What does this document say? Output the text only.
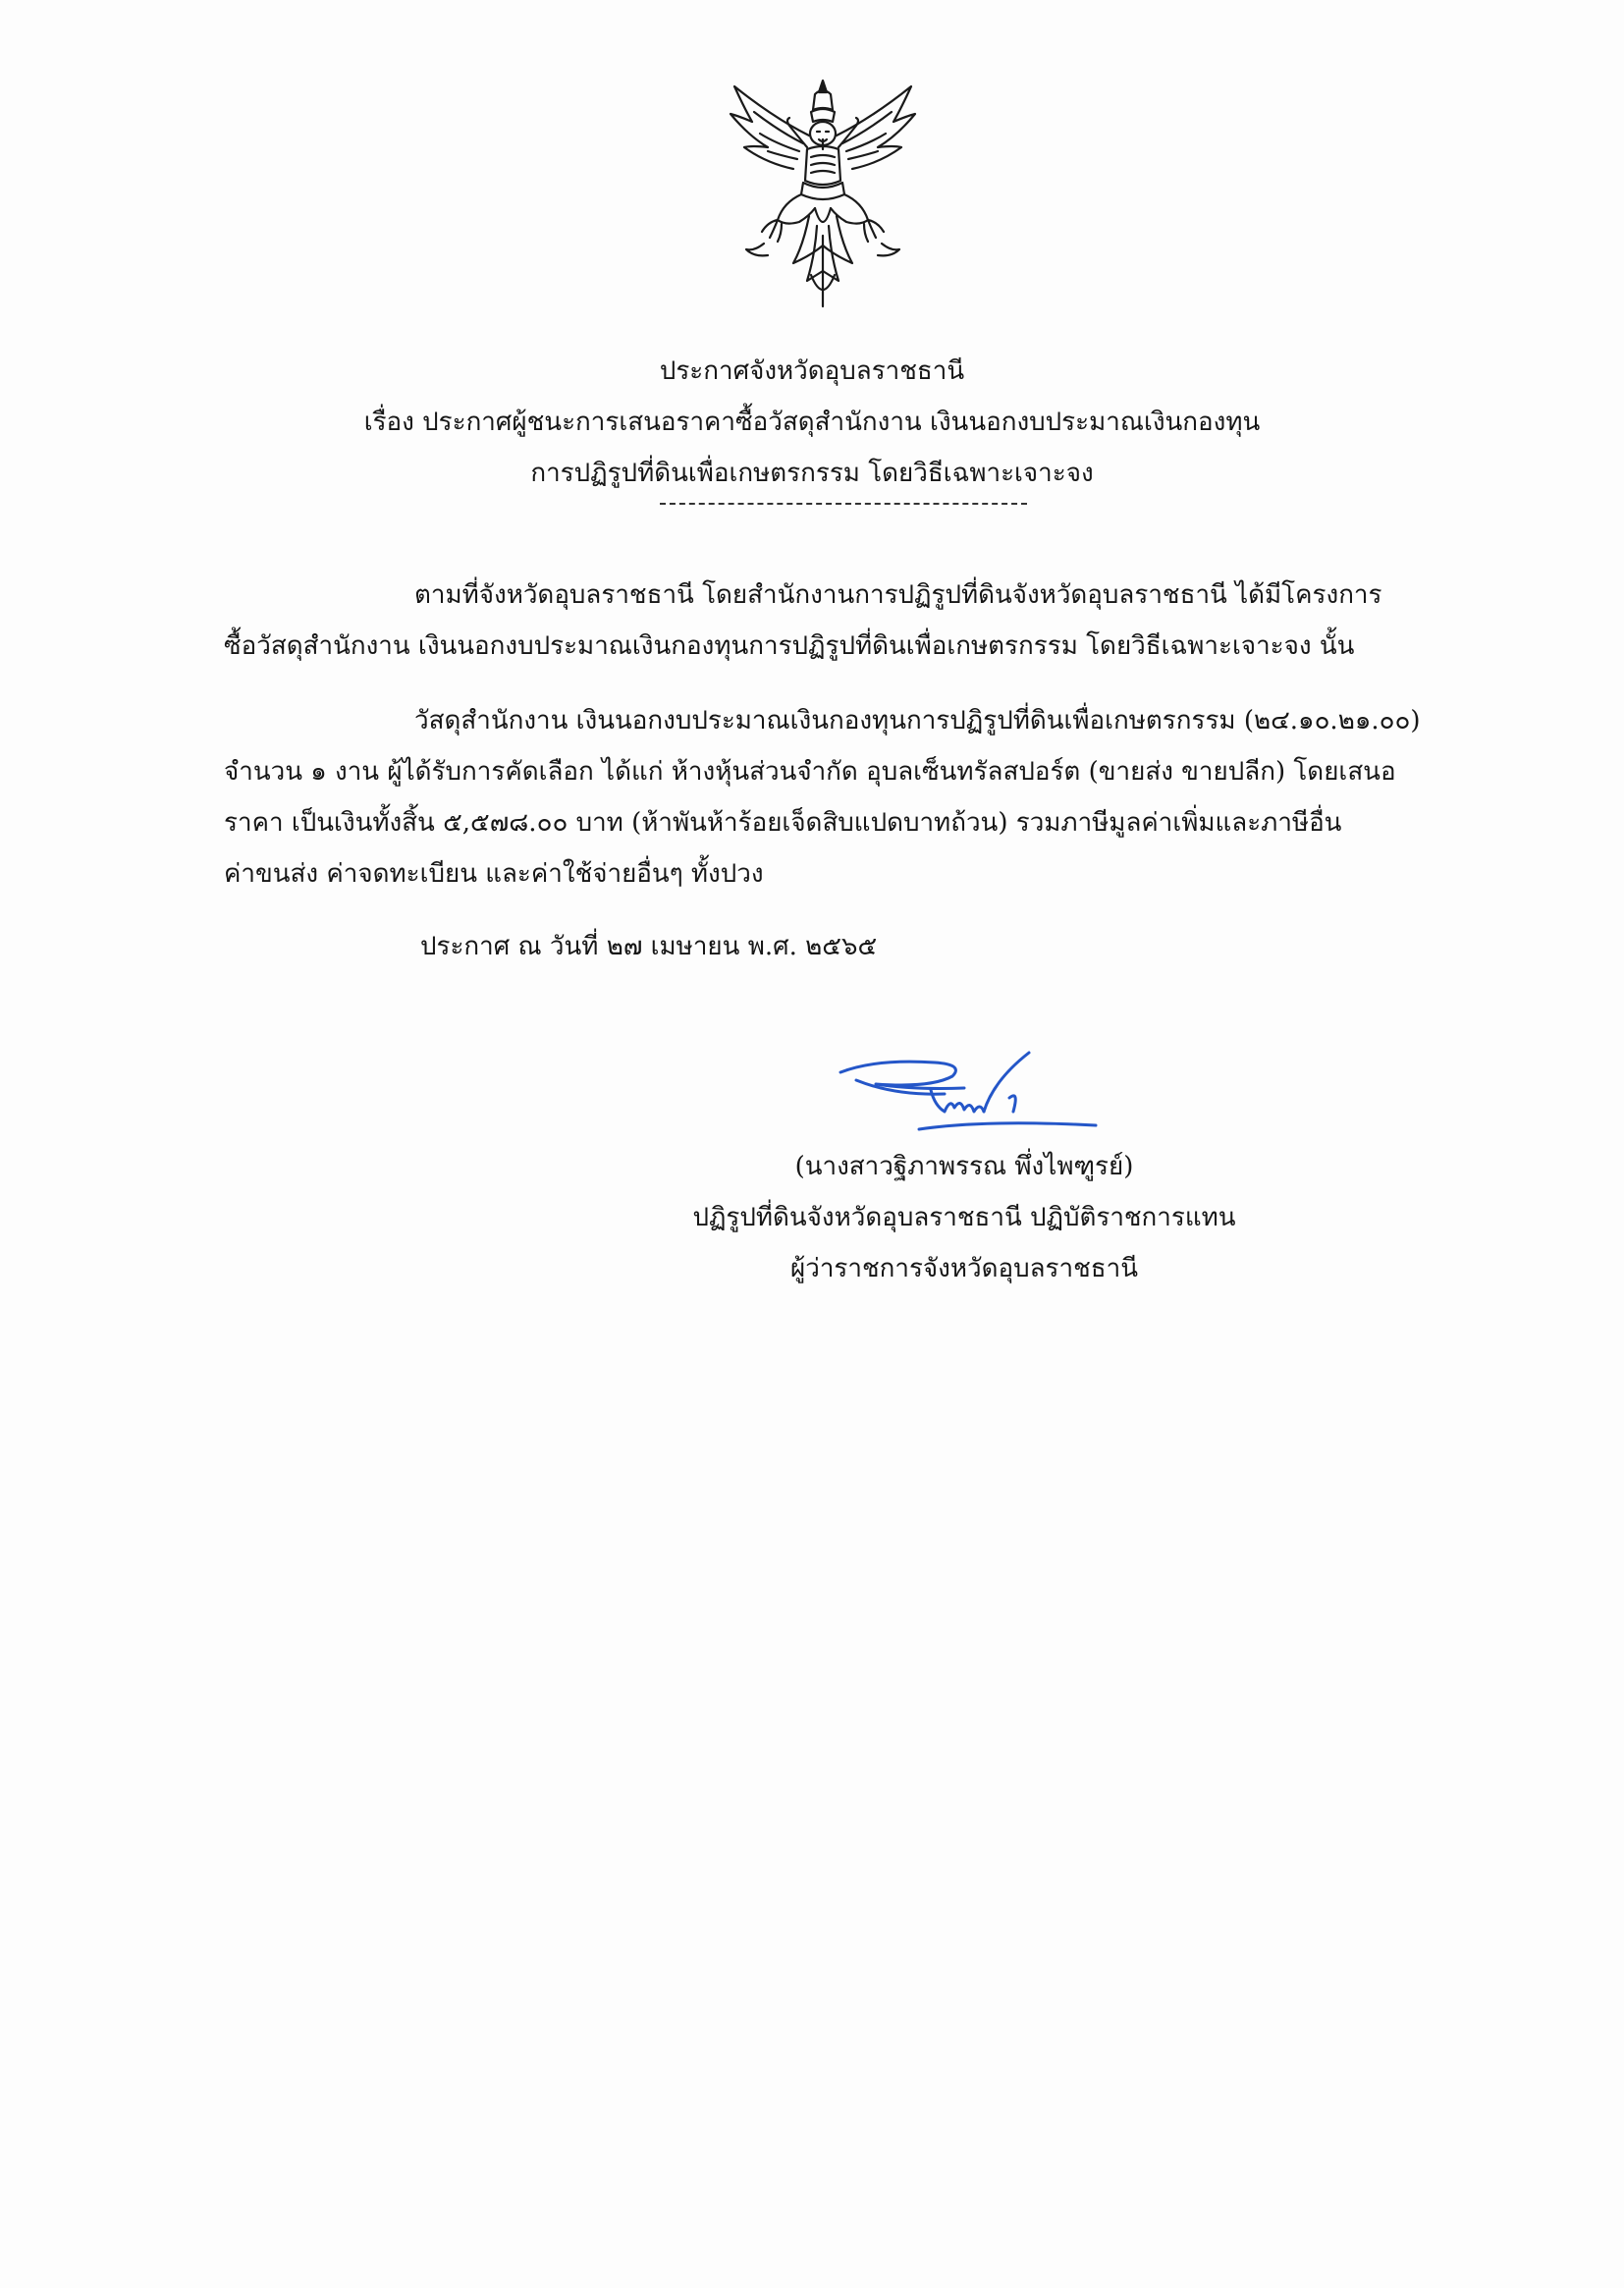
ประกาศจังหวัดอุบลราชธานี
เรื่อง ประกาศผู้ชนะการเสนอราคาซื้อวัสดุสำนักงาน เงินนอกงบประมาณเงินกองทุน
การปฏิรูปที่ดินเพื่อเกษตรกรรม โดยวิธีเฉพาะเจาะจง
ตามที่จังหวัดอุบลราชธานี โดยสำนักงานการปฏิรูปที่ดินจังหวัดอุบลราชธานี ได้มีโครงการ
ซื้อวัสดุสำนักงาน เงินนอกงบประมาณเงินกองทุนการปฏิรูปที่ดินเพื่อเกษตรกรรม โดยวิธีเฉพาะเจาะจง นั้น
วัสดุสำนักงาน เงินนอกงบประมาณเงินกองทุนการปฏิรูปที่ดินเพื่อเกษตรกรรม (๒๔.๑๐.๒๑.๐๐)
จำนวน ๑ งาน ผู้ได้รับการคัดเลือก ได้แก่ ห้างหุ้นส่วนจำกัด อุบลเซ็นทรัลสปอร์ต (ขายส่ง ขายปลีก) โดยเสนอ
ราคา เป็นเงินทั้งสิ้น ๕,๕๗๘.๐๐ บาท (ห้าพันห้าร้อยเจ็ดสิบแปดบาทถ้วน) รวมภาษีมูลค่าเพิ่มและภาษีอื่น
ค่าขนส่ง ค่าจดทะเบียน และค่าใช้จ่ายอื่นๆ ทั้งปวง
ประกาศ ณ วันที่ ๒๗ เมษายน พ.ศ. ๒๕๖๕
(นางสาวฐิภาพรรณ พึ่งไพฑูรย์)
ปฏิรูปที่ดินจังหวัดอุบลราชธานี ปฏิบัติราชการแทน
ผู้ว่าราชการจังหวัดอุบลราชธานี
